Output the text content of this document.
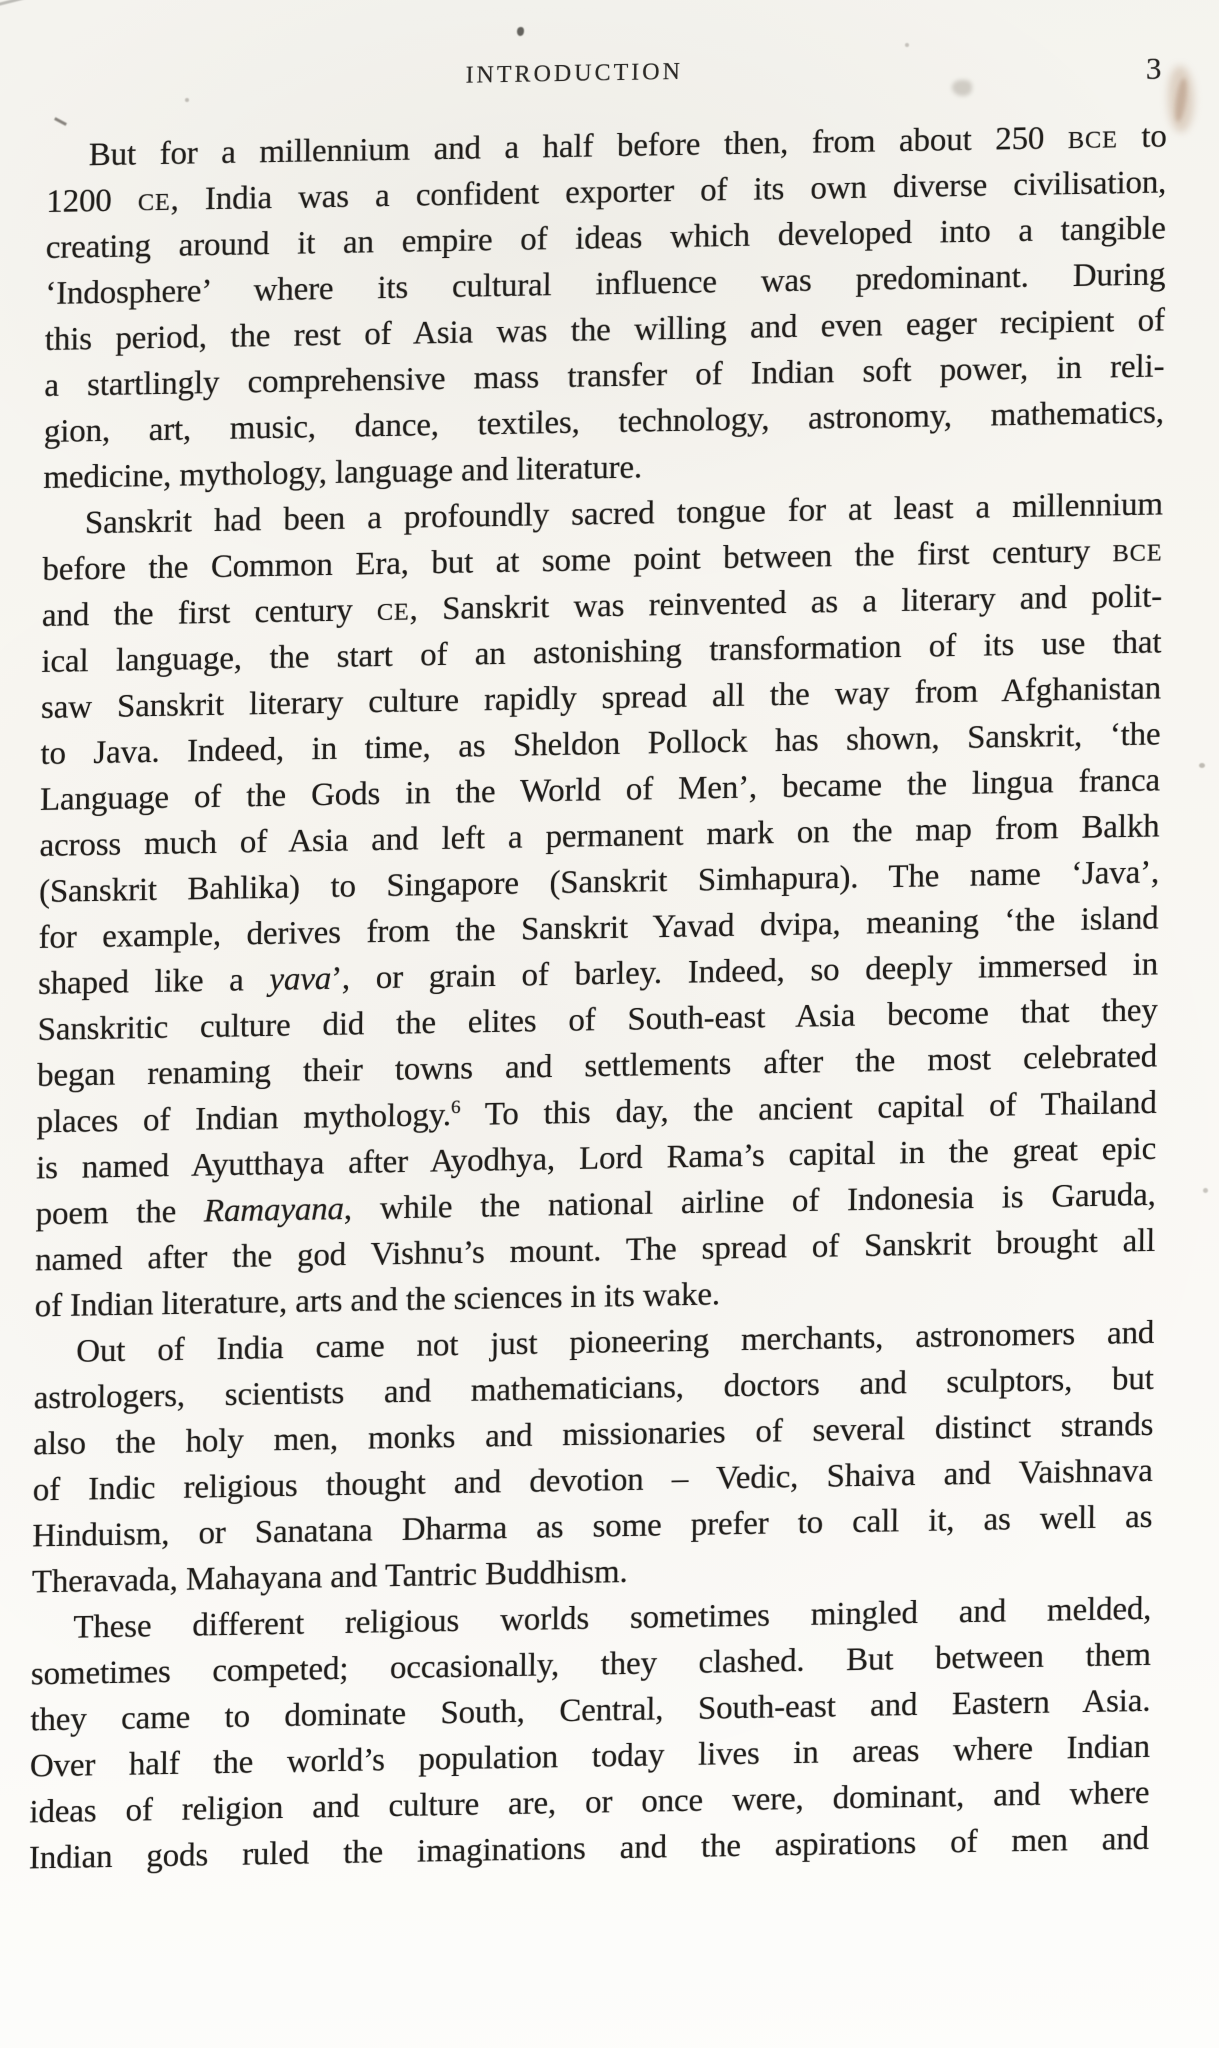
INTRODUCTION	3
But for a millennium and a half before then, from about 250 BCE to
1200 CE, India was a confident exporter of its own diverse civilisation,
creating around it an empire of ideas which developed into a tangible
‘Indosphere’ where its cultural influence was predominant. During
this period, the rest of Asia was the willing and even eager recipient of
a startlingly comprehensive mass transfer of Indian soft power, in reli-
gion, art, music, dance, textiles, technology, astronomy, mathematics,
medicine, mythology, language and literature.
Sanskrit had been a profoundly sacred tongue for at least a millennium
before the Common Era, but at some point between the first century BCE
and the first century CE, Sanskrit was reinvented as a literary and polit-
ical language, the start of an astonishing transformation of its use that
saw Sanskrit literary culture rapidly spread all the way from Afghanistan
to Java. Indeed, in time, as Sheldon Pollock has shown, Sanskrit, ‘the
Language of the Gods in the World of Men’, became the lingua franca
across much of Asia and left a permanent mark on the map from Balkh
(Sanskrit Bahlika) to Singapore (Sanskrit Simhapura). The name ‘Java’,
for example, derives from the Sanskrit Yavad dvipa, meaning ‘the island
shaped like a yava’, or grain of barley. Indeed, so deeply immersed in
Sanskritic culture did the elites of South-east Asia become that they
began renaming their towns and settlements after the most celebrated
places of Indian mythology.$^6$ To this day, the ancient capital of Thailand
is named Ayutthaya after Ayodhya, Lord Rama’s capital in the great epic
poem the Ramayana, while the national airline of Indonesia is Garuda,
named after the god Vishnu’s mount. The spread of Sanskrit brought all
of Indian literature, arts and the sciences in its wake.
Out of India came not just pioneering merchants, astronomers and
astrologers, scientists and mathematicians, doctors and sculptors, but
also the holy men, monks and missionaries of several distinct strands
of Indic religious thought and devotion – Vedic, Shaiva and Vaishnava
Hinduism, or Sanatana Dharma as some prefer to call it, as well as
Theravada, Mahayana and Tantric Buddhism.
These different religious worlds sometimes mingled and melded,
sometimes competed; occasionally, they clashed. But between them
they came to dominate South, Central, South-east and Eastern Asia.
Over half the world’s population today lives in areas where Indian
ideas of religion and culture are, or once were, dominant, and where
Indian gods ruled the imaginations and the aspirations of men and
